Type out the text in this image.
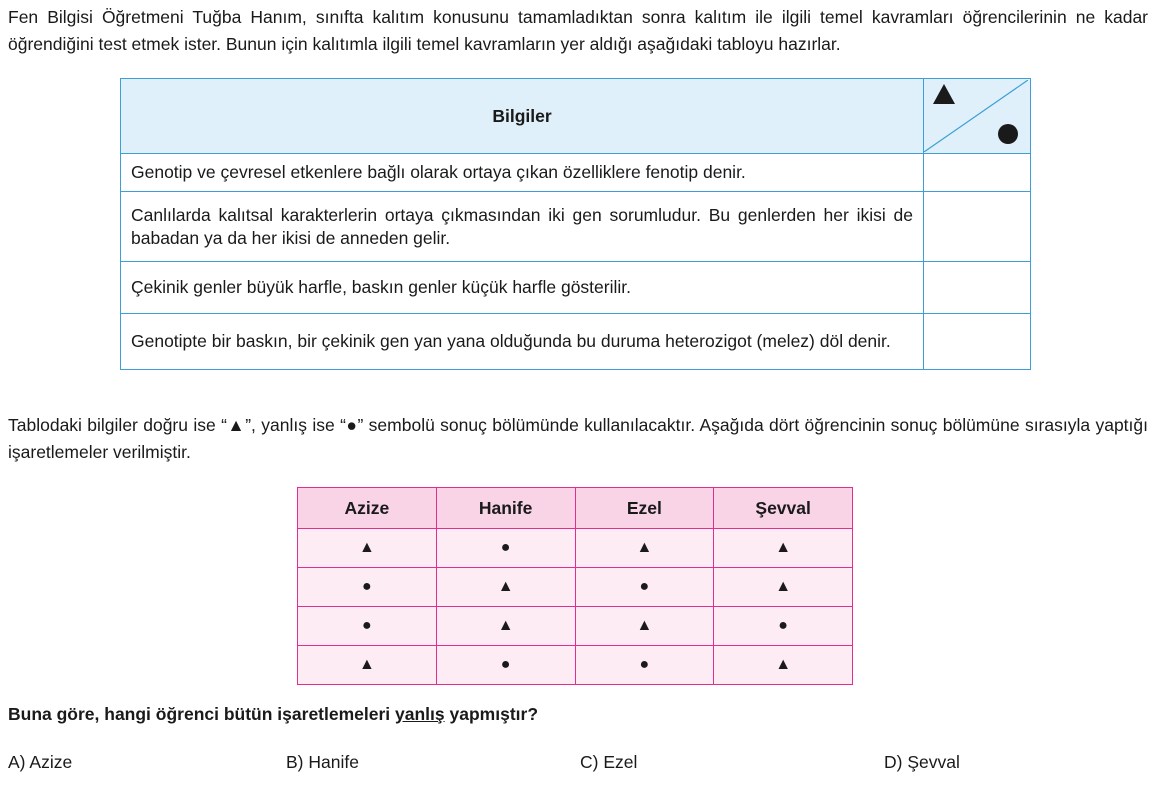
Fen Bilgisi Öğretmeni Tuğba Hanım, sınıfta kalıtım konusunu tamamladıktan sonra kalıtım ile ilgili temel kavramları öğrencilerinin ne kadar öğrendiğini test etmek ister. Bunun için kalıtımla ilgili temel kavramların yer aldığı aşağıdaki tabloyu hazırlar.

Bilgiler	

Genotip ve çevresel etkenlere bağlı olarak ortaya çıkan özelliklere fenotip denir.	
Canlılarda kalıtsal karakterlerin ortaya çıkmasından iki gen sorumludur. Bu genlerden her ikisi de babadan ya da her ikisi de anneden gelir.	
Çekinik genler büyük harfle, baskın genler küçük harfle gösterilir.	
Genotipte bir baskın, bir çekinik gen yan yana olduğunda bu duruma heterozigot (melez) döl denir.	

Tablodaki bilgiler doğru ise “▲”, yanlış ise “●” sembolü sonuç bölümünde kullanılacaktır. Aşağıda dört öğrencinin sonuç bölümüne sırasıyla yaptığı işaretlemeler verilmiştir.

Azize	Hanife	Ezel	Şevval
▲	●	▲	▲
●	▲	●	▲
●	▲	▲	●
▲	●	●	▲

Buna göre, hangi öğrenci bütün işaretlemeleri yanlış yapmıştır?

A) Azize	B) Hanife	C) Ezel	D) Şevval
